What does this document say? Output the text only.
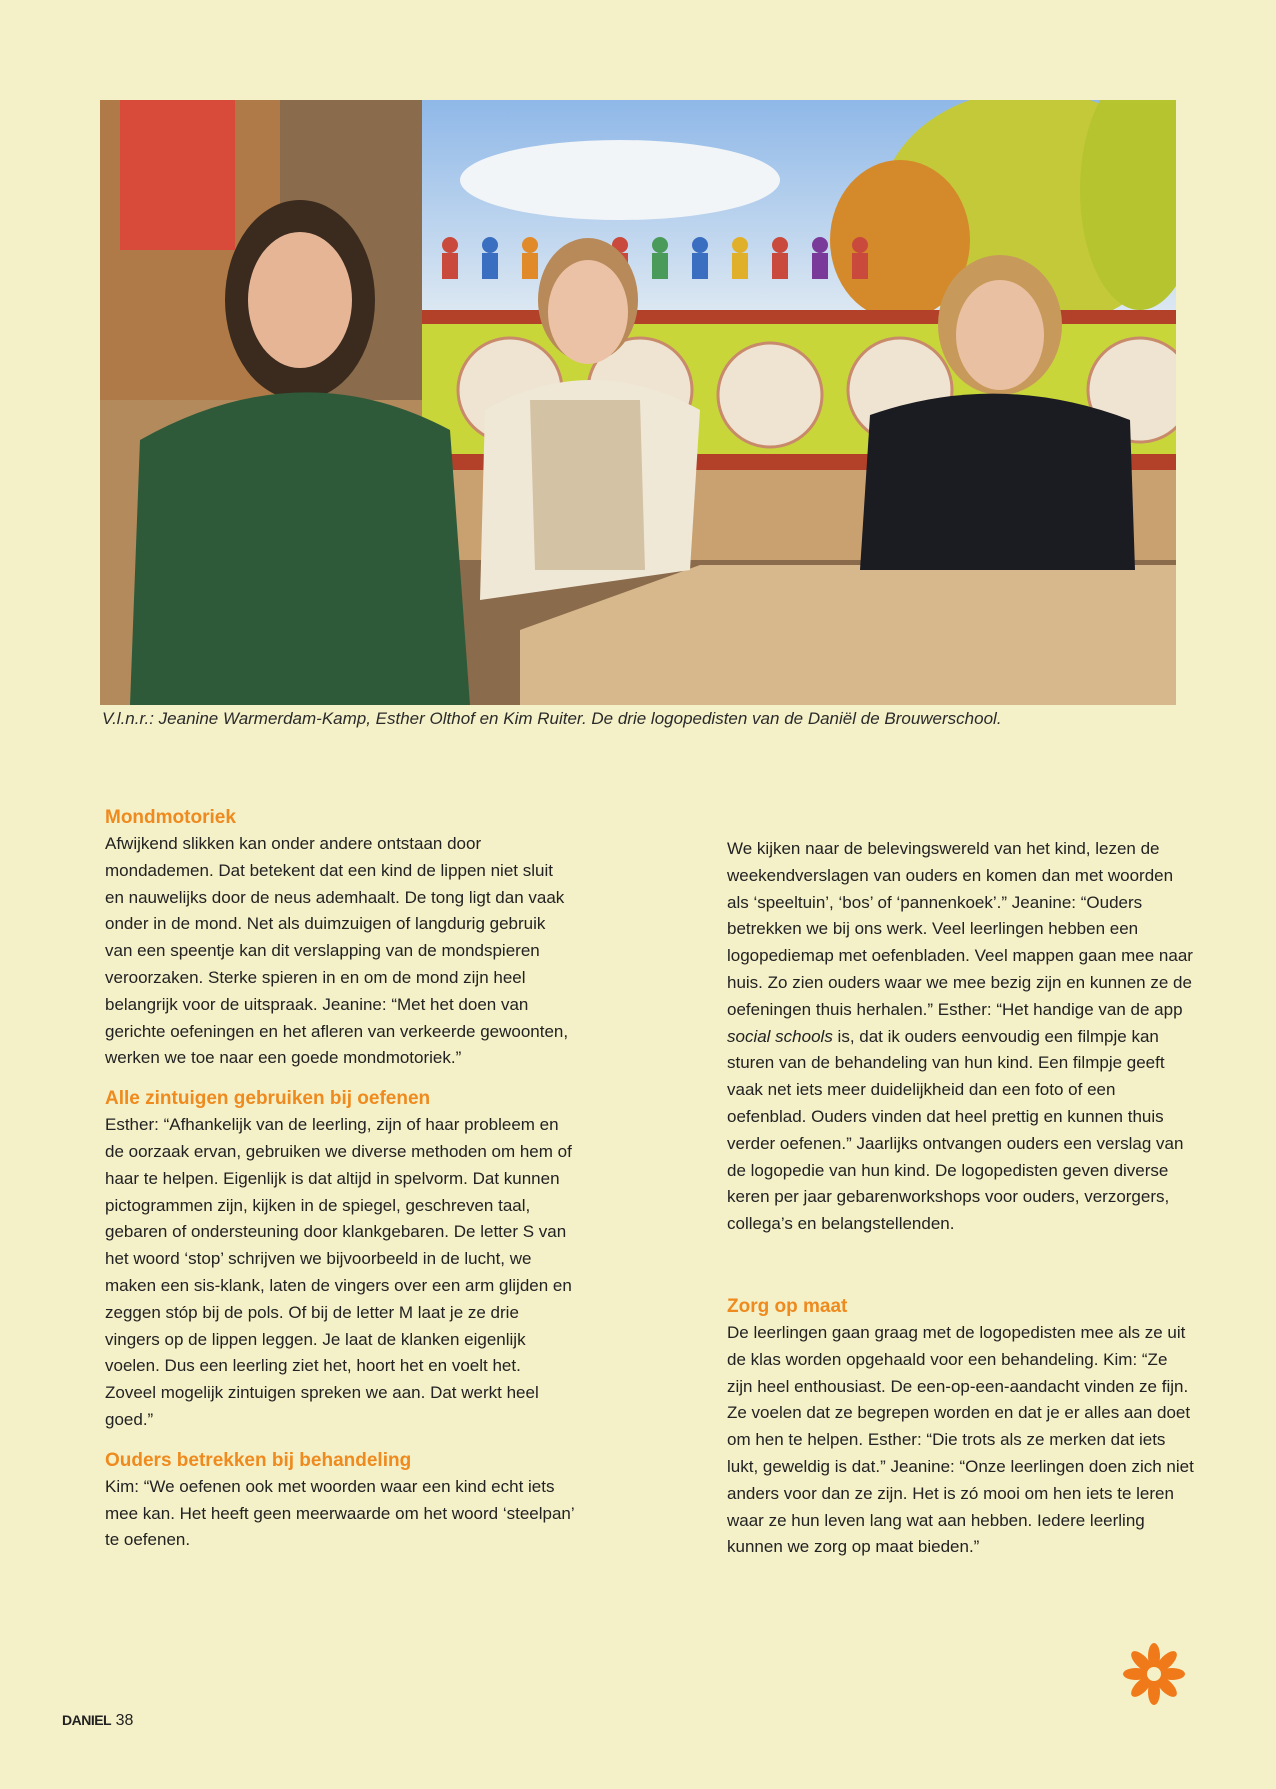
V.l.n.r.: Jeanine Warmerdam-Kamp, Esther Olthof en Kim Ruiter. De drie logopedisten van de Daniël de Brouwerschool.
Mondmotoriek

Afwijkend slikken kan onder andere ontstaan door mondademen. Dat betekent dat een kind de lippen niet sluit en nauwelijks door de neus ademhaalt. De tong ligt dan vaak onder in de mond. Net als duimzuigen of langdurig gebruik van een speentje kan dit verslapping van de mondspieren veroorzaken. Sterke spieren in en om de mond zijn heel belangrijk voor de uitspraak. Jeanine: “Met het doen van gerichte oefeningen en het afleren van verkeerde gewoonten, werken we toe naar een goede mondmotoriek.”

Alle zintuigen gebruiken bij oefenen

Esther: “Afhankelijk van de leerling, zijn of haar probleem en de oorzaak ervan, gebruiken we diverse methoden om hem of haar te helpen. Eigenlijk is dat altijd in spelvorm. Dat kunnen pictogrammen zijn, kijken in de spiegel, geschreven taal, gebaren of ondersteuning door klankgebaren. De letter S van het woord ‘stop’ schrijven we bijvoorbeeld in de lucht, we maken een sis-klank, laten de vingers over een arm glijden en zeggen stóp bij de pols. Of bij de letter M laat je ze drie vingers op de lippen leggen. Je laat de klanken eigenlijk voelen. Dus een leerling ziet het, hoort het en voelt het. Zoveel mogelijk zintuigen spreken we aan. Dat werkt heel goed.”

Ouders betrekken bij behandeling

Kim: “We oefenen ook met woorden waar een kind echt iets mee kan. Het heeft geen meerwaarde om het woord ‘steelpan’ te oefenen.

We kijken naar de belevingswereld van het kind, lezen de weekendverslagen van ouders en komen dan met woorden als ‘speeltuin’, ‘bos’ of ‘pannenkoek’.” Jeanine: “Ouders betrekken we bij ons werk. Veel leerlingen hebben een logopediemap met oefenbladen. Veel mappen gaan mee naar huis. Zo zien ouders waar we mee bezig zijn en kunnen ze de oefeningen thuis herhalen.” Esther: “Het handige van de app social schools is, dat ik ouders eenvoudig een filmpje kan sturen van de behandeling van hun kind. Een filmpje geeft vaak net iets meer duidelijkheid dan een foto of een oefenblad. Ouders vinden dat heel prettig en kunnen thuis verder oefenen.” Jaarlijks ontvangen ouders een verslag van de logopedie van hun kind. De logopedisten geven diverse keren per jaar gebarenworkshops voor ouders, verzorgers, collega’s en belangstellenden.

Zorg op maat

De leerlingen gaan graag met de logopedisten mee als ze uit de klas worden opgehaald voor een behandeling. Kim: “Ze zijn heel enthousiast. De een-op-een-aandacht vinden ze fijn. Ze voelen dat ze begrepen worden en dat je er alles aan doet om hen te helpen. Esther: “Die trots als ze merken dat iets lukt, geweldig is dat.” Jeanine: “Onze leerlingen doen zich niet anders voor dan ze zijn. Het is zó mooi om hen iets te leren waar ze hun leven lang wat aan hebben. Iedere leerling kunnen we zorg op maat bieden.”

DANIEL 38
